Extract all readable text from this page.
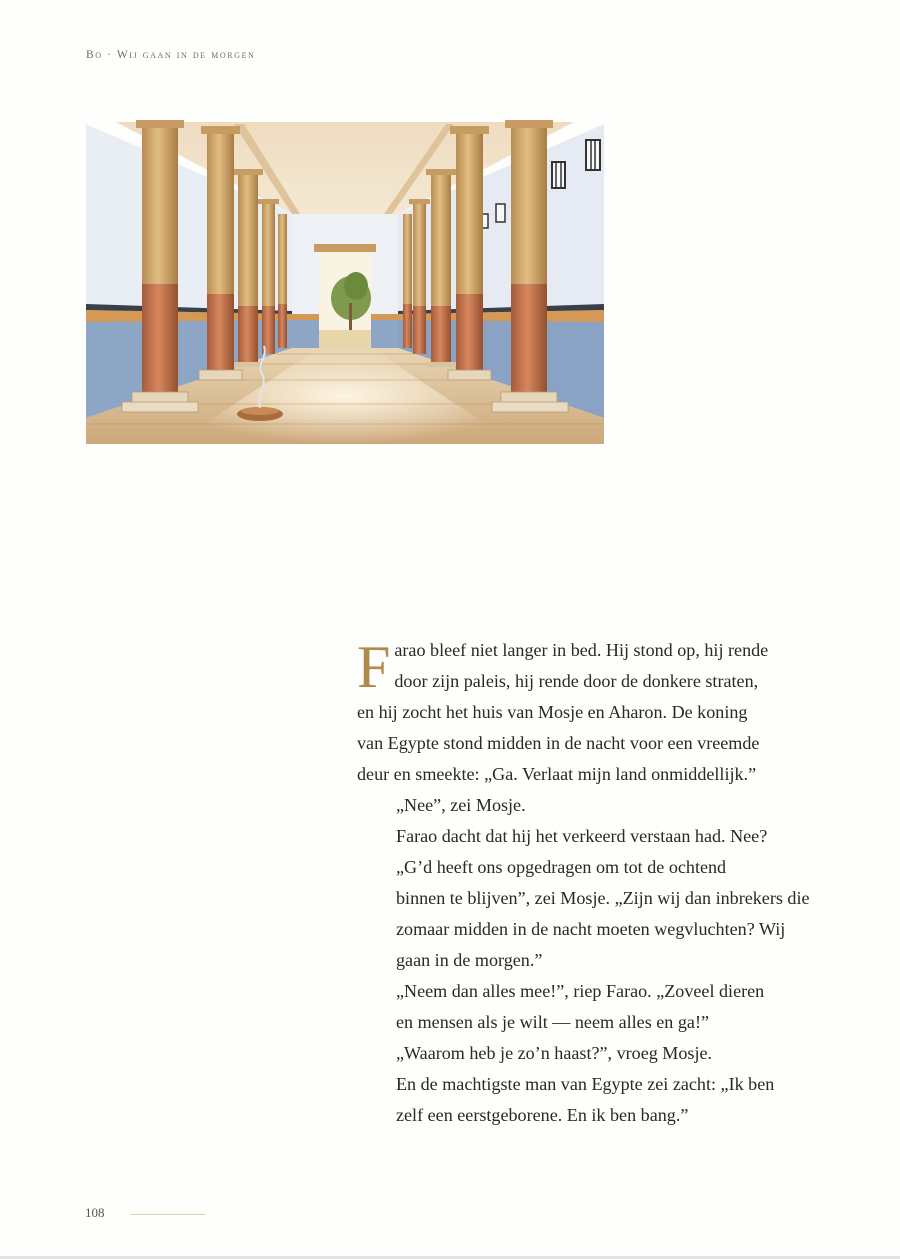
Bo · Wij gaan in de morgen

F arao bleef niet langer in bed. Hij stond op, hij rende
door zijn paleis, hij rende door de donkere straten,
en hij zocht het huis van Mosje en Aharon. De koning
van Egypte stond midden in de nacht voor een vreemde
deur en smeekte: „Ga. Verlaat mijn land onmiddellijk.”

„Nee”, zei Mosje.

Farao dacht dat hij het verkeerd verstaan had. Nee?

„G’d heeft ons opgedragen om tot de ochtend
binnen te blijven”, zei Mosje. „Zijn wij dan inbrekers die
zomaar midden in de nacht moeten wegvluchten? Wij
gaan in de morgen.”

„Neem dan alles mee!”, riep Farao. „Zoveel dieren
en mensen als je wilt — neem alles en ga!”

„Waarom heb je zo’n haast?”, vroeg Mosje.

En de machtigste man van Egypte zei zacht: „Ik ben
zelf een eerstgeborene. En ik ben bang.”

108
